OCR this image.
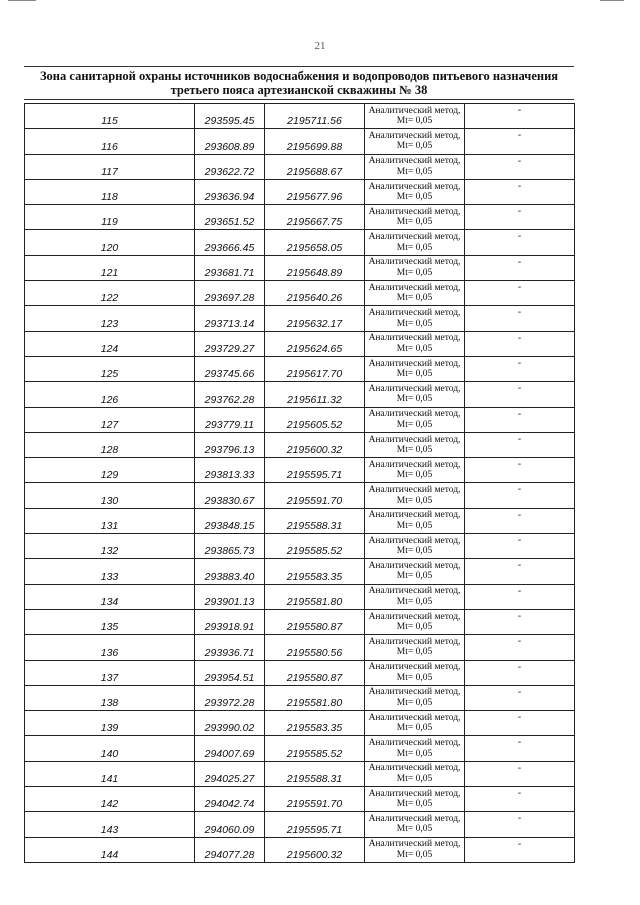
21
Зона санитарной охраны источников водоснабжения и водопроводов питьевого назначения
третьего пояса артезианской скважины № 38
115	293595.45	2195711.56	Аналитический метод,
Mt= 0,05	-
116	293608.89	2195699.88	Аналитический метод,
Mt= 0,05	-
117	293622.72	2195688.67	Аналитический метод,
Mt= 0,05	-
118	293636.94	2195677.96	Аналитический метод,
Mt= 0,05	-
119	293651.52	2195667.75	Аналитический метод,
Mt= 0,05	-
120	293666.45	2195658.05	Аналитический метод,
Mt= 0,05	-
121	293681.71	2195648.89	Аналитический метод,
Mt= 0,05	-
122	293697.28	2195640.26	Аналитический метод,
Mt= 0,05	-
123	293713.14	2195632.17	Аналитический метод,
Mt= 0,05	-
124	293729.27	2195624.65	Аналитический метод,
Mt= 0,05	-
125	293745.66	2195617.70	Аналитический метод,
Mt= 0,05	-
126	293762.28	2195611.32	Аналитический метод,
Mt= 0,05	-
127	293779.11	2195605.52	Аналитический метод,
Mt= 0,05	-
128	293796.13	2195600.32	Аналитический метод,
Mt= 0,05	-
129	293813.33	2195595.71	Аналитический метод,
Mt= 0,05	-
130	293830.67	2195591.70	Аналитический метод,
Mt= 0,05	-
131	293848.15	2195588.31	Аналитический метод,
Mt= 0,05	-
132	293865.73	2195585.52	Аналитический метод,
Mt= 0,05	-
133	293883.40	2195583.35	Аналитический метод,
Mt= 0,05	-
134	293901.13	2195581.80	Аналитический метод,
Mt= 0,05	-
135	293918.91	2195580.87	Аналитический метод,
Mt= 0,05	-
136	293936.71	2195580.56	Аналитический метод,
Mt= 0,05	-
137	293954.51	2195580.87	Аналитический метод,
Mt= 0,05	-
138	293972.28	2195581.80	Аналитический метод,
Mt= 0,05	-
139	293990.02	2195583.35	Аналитический метод,
Mt= 0,05	-
140	294007.69	2195585.52	Аналитический метод,
Mt= 0,05	-
141	294025.27	2195588.31	Аналитический метод,
Mt= 0,05	-
142	294042.74	2195591.70	Аналитический метод,
Mt= 0,05	-
143	294060.09	2195595.71	Аналитический метод,
Mt= 0,05	-
144	294077.28	2195600.32	Аналитический метод,
Mt= 0,05	-
